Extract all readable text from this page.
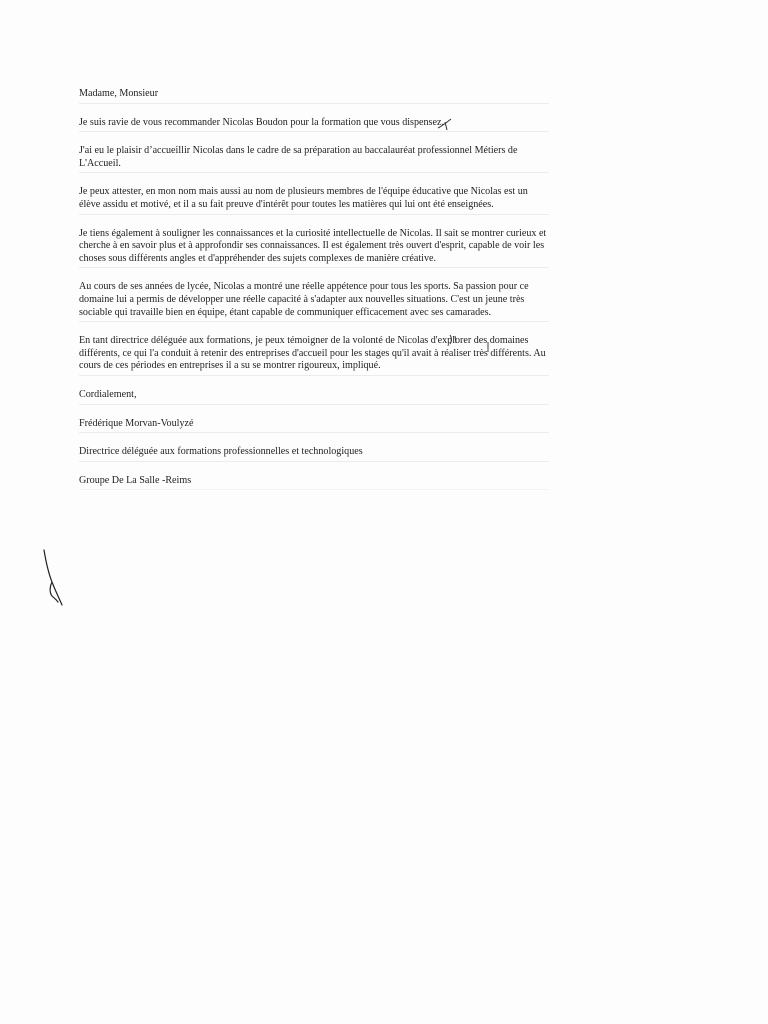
Madame, Monsieur

Je suis ravie de vous recommander Nicolas Boudon pour la formation que vous dispensez.

J'ai eu le plaisir d’accueillir Nicolas dans le cadre de sa préparation au baccalauréat professionnel Métiers de L'Accueil.

Je peux attester, en mon nom mais aussi au nom de plusieurs membres de l'équipe éducative que Nicolas est un élève assidu et motivé, et il a su fait preuve d'intérêt pour toutes les matières qui lui ont été enseignées.

Je tiens également à souligner les connaissances et la curiosité intellectuelle de Nicolas. Il sait se montrer curieux et cherche à en savoir plus et à approfondir ses connaissances. Il est également très ouvert d'esprit, capable de voir les choses sous différents angles et d'appréhender des sujets complexes de manière créative.

Au cours de ses années de lycée, Nicolas a montré une réelle appétence pour tous les sports. Sa passion pour ce domaine lui a permis de développer une réelle capacité à s'adapter aux nouvelles situations. C'est un jeune très sociable qui travaille bien en équipe, étant capable de communiquer efficacement avec ses camarades.

En tant directrice déléguée aux formations, je peux témoigner de la volonté de Nicolas d'explorer des domaines différents, ce qui l'a conduit à retenir des entreprises d'accueil pour les stages qu'il avait à réaliser très différents. Au cours de ces périodes en entreprises il a su se montrer rigoureux, impliqué.

Cordialement,

Frédérique Morvan-Voulyzé

Directrice déléguée aux formations professionnelles et technologiques

Groupe De La Salle -Reims
